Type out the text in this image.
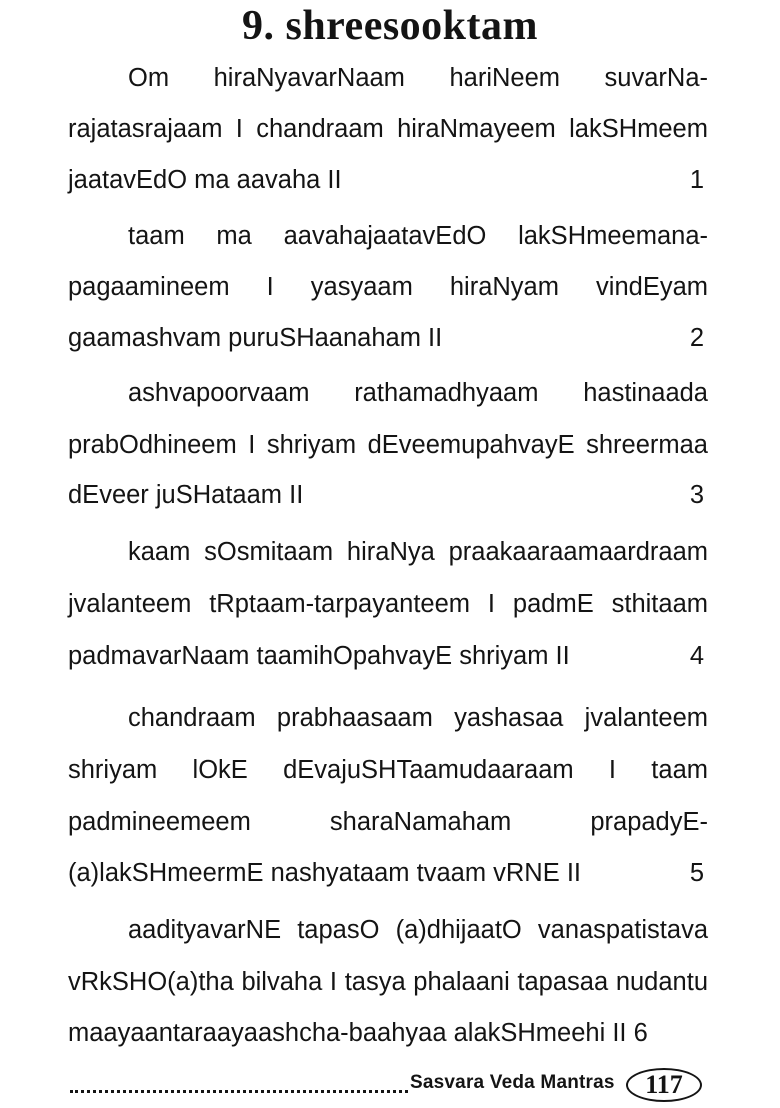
9. shreesooktam
Om hiraNyavarNaam hariNeem suvarNa-
rajatasrajaam I chandraam hiraNmayeem lakSHmeem
jaatavEdO ma aavaha II	1
taam ma aavahajaatavEdO lakSHmeemana-
pagaamineem I yasyaam hiraNyam vindEyam
gaamashvam puruSHaanaham II	2
ashvapoorvaam rathamadhyaam hastinaada
prabOdhineem I shriyam dEveemupahvayE shreermaa
dEveer juSHataam II	3
kaam sOsmitaam hiraNya praakaaraamaardraam
jvalanteem tRptaam-tarpayanteem I padmE sthitaam
padmavarNaam taamihOpahvayE shriyam II	4
chandraam prabhaasaam yashasaa jvalanteem
shriyam lOkE dEvajuSHTaamudaaraam I taam
padmineemeem sharaNamaham prapadyE-
(a)lakSHmeermE nashyataam tvaam vRNE II	5
aadityavarNE tapasO (a)dhijaatO vanaspatistava
vRkSHO(a)tha bilvaha I tasya phalaani tapasaa nudantu
maayaantaraayaashcha-baahyaa alakSHmeehi II 6
Sasvara Veda Mantras	117
